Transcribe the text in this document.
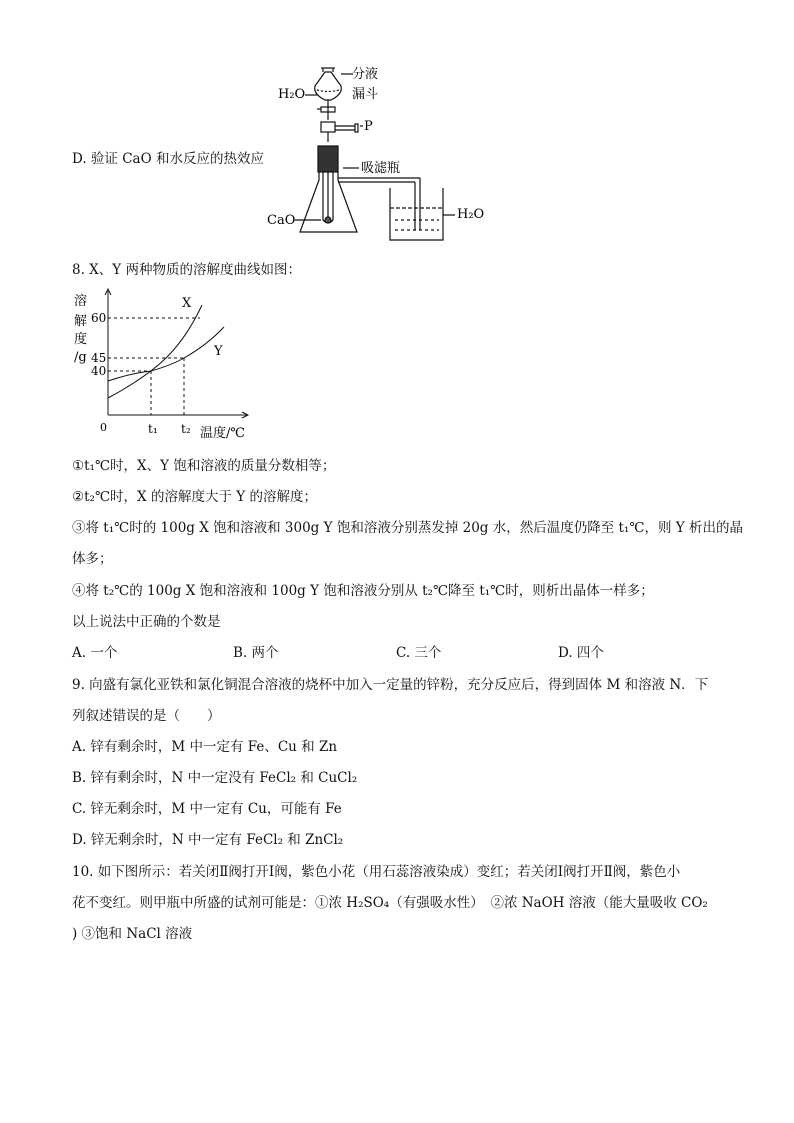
分液
漏斗
H₂O
P
吸滤瓶
CaO	H₂O
D. 验证 CaO 和水反应的热效应
8. X、Y 两种物质的溶解度曲线如图：
溶
解
度
/g
60
45
40
0	t₁ t₂ 温度/℃
X
Y
①t₁℃时，X、Y 饱和溶液的质量分数相等；
②t₂℃时，X 的溶解度大于 Y 的溶解度；
③将 t₁℃时的 100g X 饱和溶液和 300g Y 饱和溶液分别蒸发掉 20g 水，然后温度仍降至 t₁℃，则 Y 析出的晶
体多；
④将 t₂℃的 100g X 饱和溶液和 100g Y 饱和溶液分别从 t₂℃降至 t₁℃时，则析出晶体一样多；
以上说法中正确的个数是
A. 一个	B. 两个	C. 三个	D. 四个
9. 向盛有氯化亚铁和氯化铜混合溶液的烧杯中加入一定量的锌粉，充分反应后，得到固体 M 和溶液 N．下
列叙述错误的是（　　）
A. 锌有剩余时，M 中一定有 Fe、Cu 和 Zn
B. 锌有剩余时，N 中一定没有 FeCl₂ 和 CuCl₂
C. 锌无剩余时，M 中一定有 Cu，可能有 Fe
D. 锌无剩余时，N 中一定有 FeCl₂ 和 ZnCl₂
10. 如下图所示：若关闭Ⅱ阀打开Ⅰ阀，紫色小花（用石蕊溶液染成）变红；若关闭Ⅰ阀打开Ⅱ阀，紫色小
花不变红。则甲瓶中所盛的试剂可能是：①浓 H₂SO₄（有强吸水性）　②浓 NaOH 溶液（能大量吸收 CO₂
) ③饱和 NaCl 溶液
